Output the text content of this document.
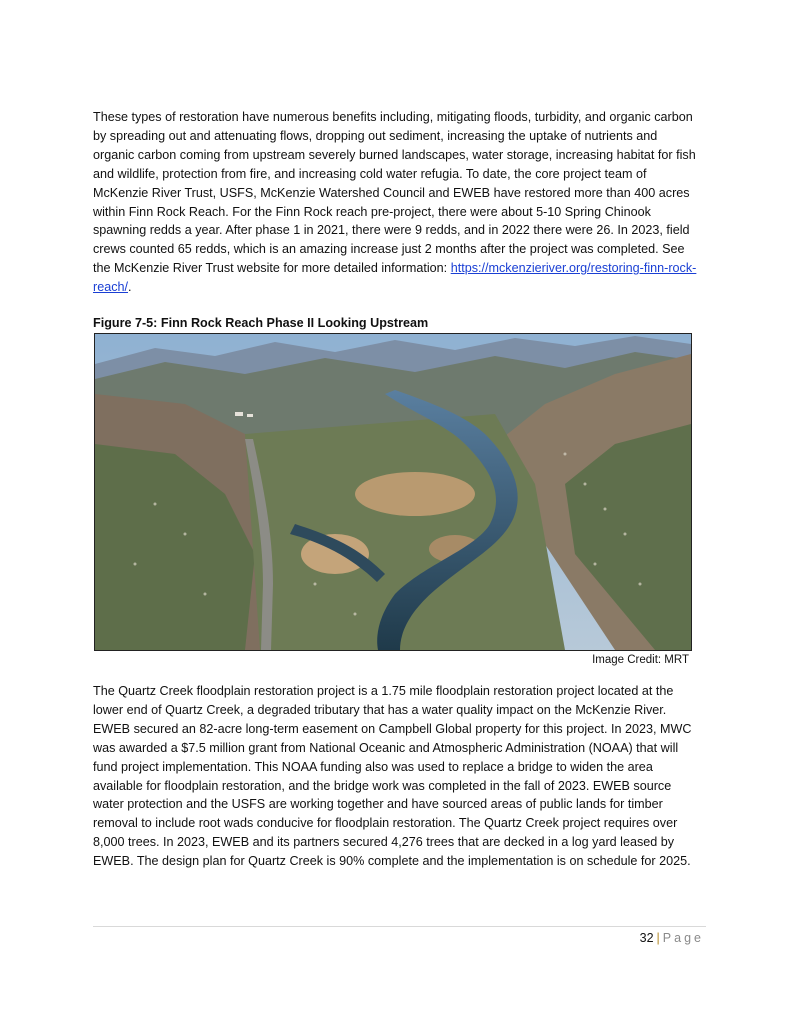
These types of restoration have numerous benefits including, mitigating floods, turbidity, and organic carbon by spreading out and attenuating flows, dropping out sediment, increasing the uptake of nutrients and organic carbon coming from upstream severely burned landscapes, water storage, increasing habitat for fish and wildlife, protection from fire, and increasing cold water refugia. To date, the core project team of McKenzie River Trust, USFS, McKenzie Watershed Council and EWEB have restored more than 400 acres within Finn Rock Reach. For the Finn Rock reach pre-project, there were about 5-10 Spring Chinook spawning redds a year. After phase 1 in 2021, there were 9 redds, and in 2022 there were 26. In 2023, field crews counted 65 redds, which is an amazing increase just 2 months after the project was completed. See the McKenzie River Trust website for more detailed information: https://mckenzieriver.org/restoring-finn-rock-reach/.

Figure 7-5: Finn Rock Reach Phase II Looking Upstream

Image Credit: MRT

The Quartz Creek floodplain restoration project is a 1.75 mile floodplain restoration project located at the lower end of Quartz Creek, a degraded tributary that has a water quality impact on the McKenzie River. EWEB secured an 82-acre long-term easement on Campbell Global property for this project. In 2023, MWC was awarded a $7.5 million grant from National Oceanic and Atmospheric Administration (NOAA) that will fund project implementation. This NOAA funding also was used to replace a bridge to widen the area available for floodplain restoration, and the bridge work was completed in the fall of 2023. EWEB source water protection and the USFS are working together and have sourced areas of public lands for timber removal to include root wads conducive for floodplain restoration. The Quartz Creek project requires over 8,000 trees. In 2023, EWEB and its partners secured 4,276 trees that are decked in a log yard leased by EWEB. The design plan for Quartz Creek is 90% complete and the implementation is on schedule for 2025.

32 | Page
